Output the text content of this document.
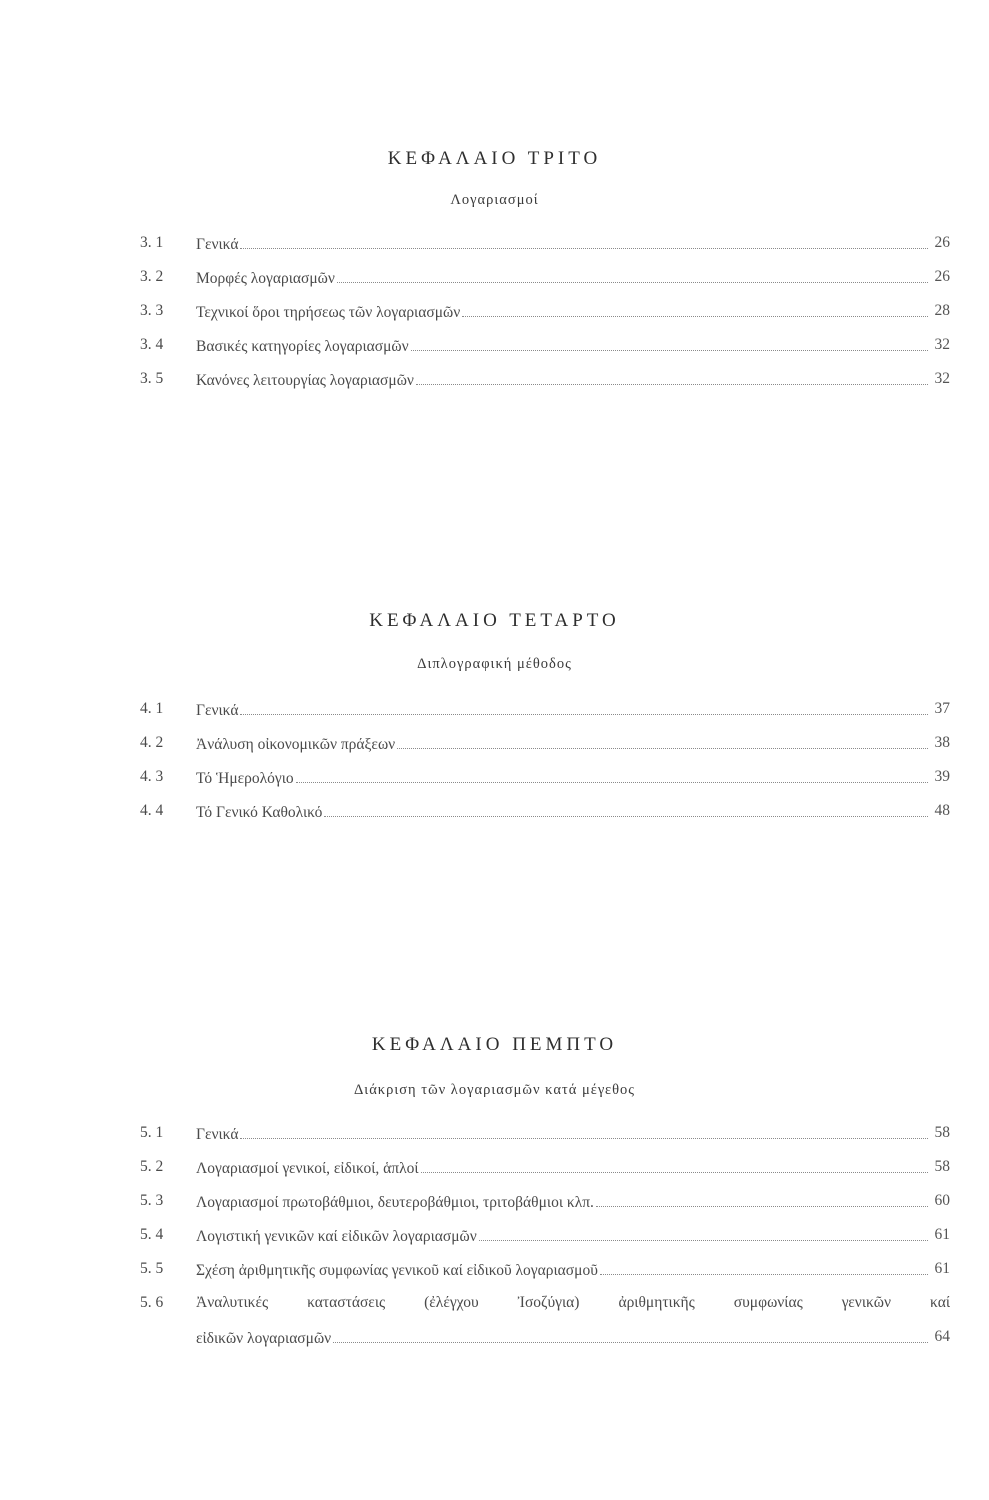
ΚΕΦΑΛΑΙΟ ΤΡΙΤΟ
Λογαριασμοί
3. 1	Γενικά	26
3. 2	Μορφές λογαριασμῶν	26
3. 3	Τεχνικοί ὅροι τηρήσεως τῶν λογαριασμῶν	28
3. 4	Βασικές κατηγορίες λογαριασμῶν	32
3. 5	Κανόνες λειτουργίας λογαριασμῶν	32
ΚΕΦΑΛΑΙΟ ΤΕΤΑΡΤΟ
Διπλογραφική μέθοδος
4. 1	Γενικά	37
4. 2	Ἀνάλυση οἰκονομικῶν πράξεων	38
4. 3	Τό Ἡμερολόγιο	39
4. 4	Τό Γενικό Καθολικό	48
ΚΕΦΑΛΑΙΟ ΠΕΜΠΤΟ
Διάκριση τῶν λογαριασμῶν κατά μέγεθος
5. 1	Γενικά	58
5. 2	Λογαριασμοί γενικοί, εἰδικοί, ἁπλοί	58
5. 3	Λογαριασμοί πρωτοβάθμιοι, δευτεροβάθμιοι, τριτοβάθμιοι κλπ.	60
5. 4	Λογιστική γενικῶν καί εἰδικῶν λογαριασμῶν	61
5. 5	Σχέση ἀριθμητικῆς συμφωνίας γενικοῦ καί εἰδικοῦ λογαριασμοῦ	61
5. 6	Ἀναλυτικές καταστάσεις (ἐλέγχου Ἰσοζύγια) ἀριθμητικῆς συμφωνίας γενικῶν καί
εἰδικῶν λογαριασμῶν	64
